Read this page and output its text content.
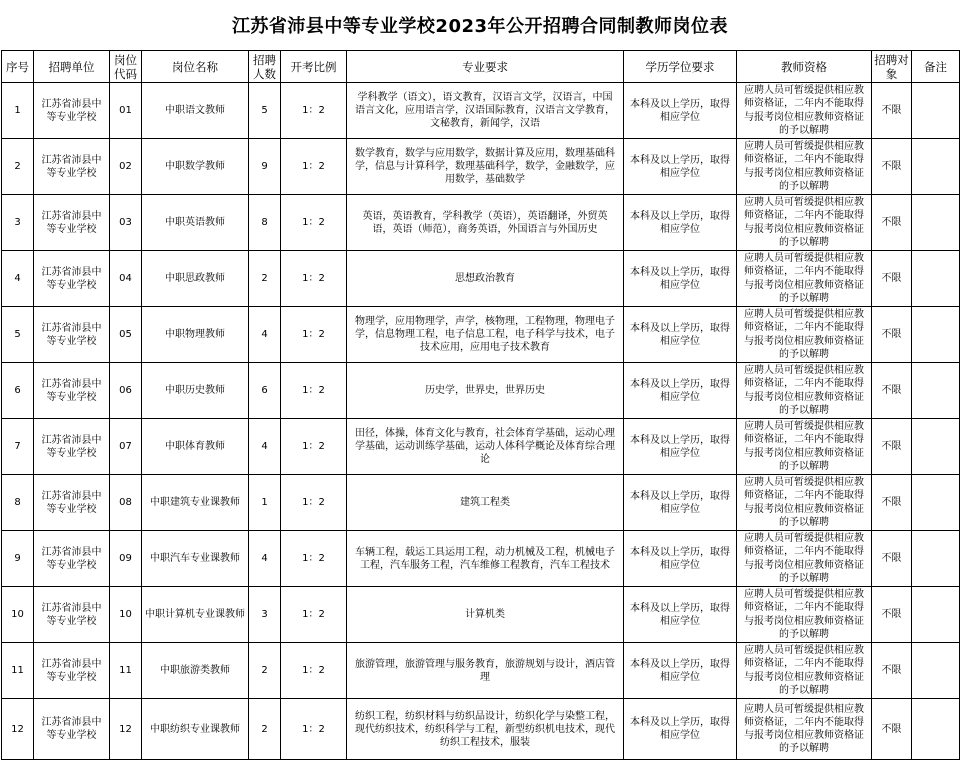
江苏省沛县中等专业学校2023年公开招聘合同制教师岗位表
序号	招聘单位	岗位代码	岗位名称	招聘人数	开考比例	专业要求	学历学位要求	教师资格	招聘对象	备注
1	江苏省沛县中等专业学校	01	中职语文教师	5	1：2	学科教学（语文），语文教育，汉语言文学，汉语言，中国语言文化，应用语言学，汉语国际教育，汉语言文学教育，文秘教育，新闻学，汉语	本科及以上学历，取得相应学位	应聘人员可暂缓提供相应教师资格证，二年内不能取得与报考岗位相应教师资格证的予以解聘	不限	
2	江苏省沛县中等专业学校	02	中职数学教师	9	1：2	数学教育，数学与应用数学，数据计算及应用，数理基础科学，信息与计算科学，数理基础科学，数学，金融数学，应用数学，基础数学	本科及以上学历，取得相应学位	应聘人员可暂缓提供相应教师资格证，二年内不能取得与报考岗位相应教师资格证的予以解聘	不限	
3	江苏省沛县中等专业学校	03	中职英语教师	8	1：2	英语，英语教育，学科教学（英语），英语翻译，外贸英语，英语（师范），商务英语，外国语言与外国历史	本科及以上学历，取得相应学位	应聘人员可暂缓提供相应教师资格证，二年内不能取得与报考岗位相应教师资格证的予以解聘	不限	
4	江苏省沛县中等专业学校	04	中职思政教师	2	1：2	思想政治教育	本科及以上学历，取得相应学位	应聘人员可暂缓提供相应教师资格证，二年内不能取得与报考岗位相应教师资格证的予以解聘	不限	
5	江苏省沛县中等专业学校	05	中职物理教师	4	1：2	物理学，应用物理学，声学，核物理，工程物理，物理电子学，信息物理工程，电子信息工程，电子科学与技术，电子技术应用，应用电子技术教育	本科及以上学历，取得相应学位	应聘人员可暂缓提供相应教师资格证，二年内不能取得与报考岗位相应教师资格证的予以解聘	不限	
6	江苏省沛县中等专业学校	06	中职历史教师	6	1：2	历史学，世界史，世界历史	本科及以上学历，取得相应学位	应聘人员可暂缓提供相应教师资格证，二年内不能取得与报考岗位相应教师资格证的予以解聘	不限	
7	江苏省沛县中等专业学校	07	中职体育教师	4	1：2	田径，体操，体育文化与教育，社会体育学基础，运动心理学基础，运动训练学基础，运动人体科学概论及体育综合理论	本科及以上学历，取得相应学位	应聘人员可暂缓提供相应教师资格证，二年内不能取得与报考岗位相应教师资格证的予以解聘	不限	
8	江苏省沛县中等专业学校	08	中职建筑专业课教师	1	1：2	建筑工程类	本科及以上学历，取得相应学位	应聘人员可暂缓提供相应教师资格证，二年内不能取得与报考岗位相应教师资格证的予以解聘	不限	
9	江苏省沛县中等专业学校	09	中职汽车专业课教师	4	1：2	车辆工程，载运工具运用工程，动力机械及工程，机械电子工程，汽车服务工程，汽车维修工程教育，汽车工程技术	本科及以上学历，取得相应学位	应聘人员可暂缓提供相应教师资格证，二年内不能取得与报考岗位相应教师资格证的予以解聘	不限	
10	江苏省沛县中等专业学校	10	中职计算机专业课教师	3	1：2	计算机类	本科及以上学历，取得相应学位	应聘人员可暂缓提供相应教师资格证，二年内不能取得与报考岗位相应教师资格证的予以解聘	不限	
11	江苏省沛县中等专业学校	11	中职旅游类教师	2	1：2	旅游管理，旅游管理与服务教育，旅游规划与设计，酒店管理	本科及以上学历，取得相应学位	应聘人员可暂缓提供相应教师资格证，二年内不能取得与报考岗位相应教师资格证的予以解聘	不限	
12	江苏省沛县中等专业学校	12	中职纺织专业课教师	2	1：2	纺织工程，纺织材料与纺织品设计，纺织化学与染整工程，现代纺织技术，纺织科学与工程，新型纺织机电技术，现代纺织工程技术，服装	本科及以上学历，取得相应学位	应聘人员可暂缓提供相应教师资格证，二年内不能取得与报考岗位相应教师资格证的予以解聘	不限	
